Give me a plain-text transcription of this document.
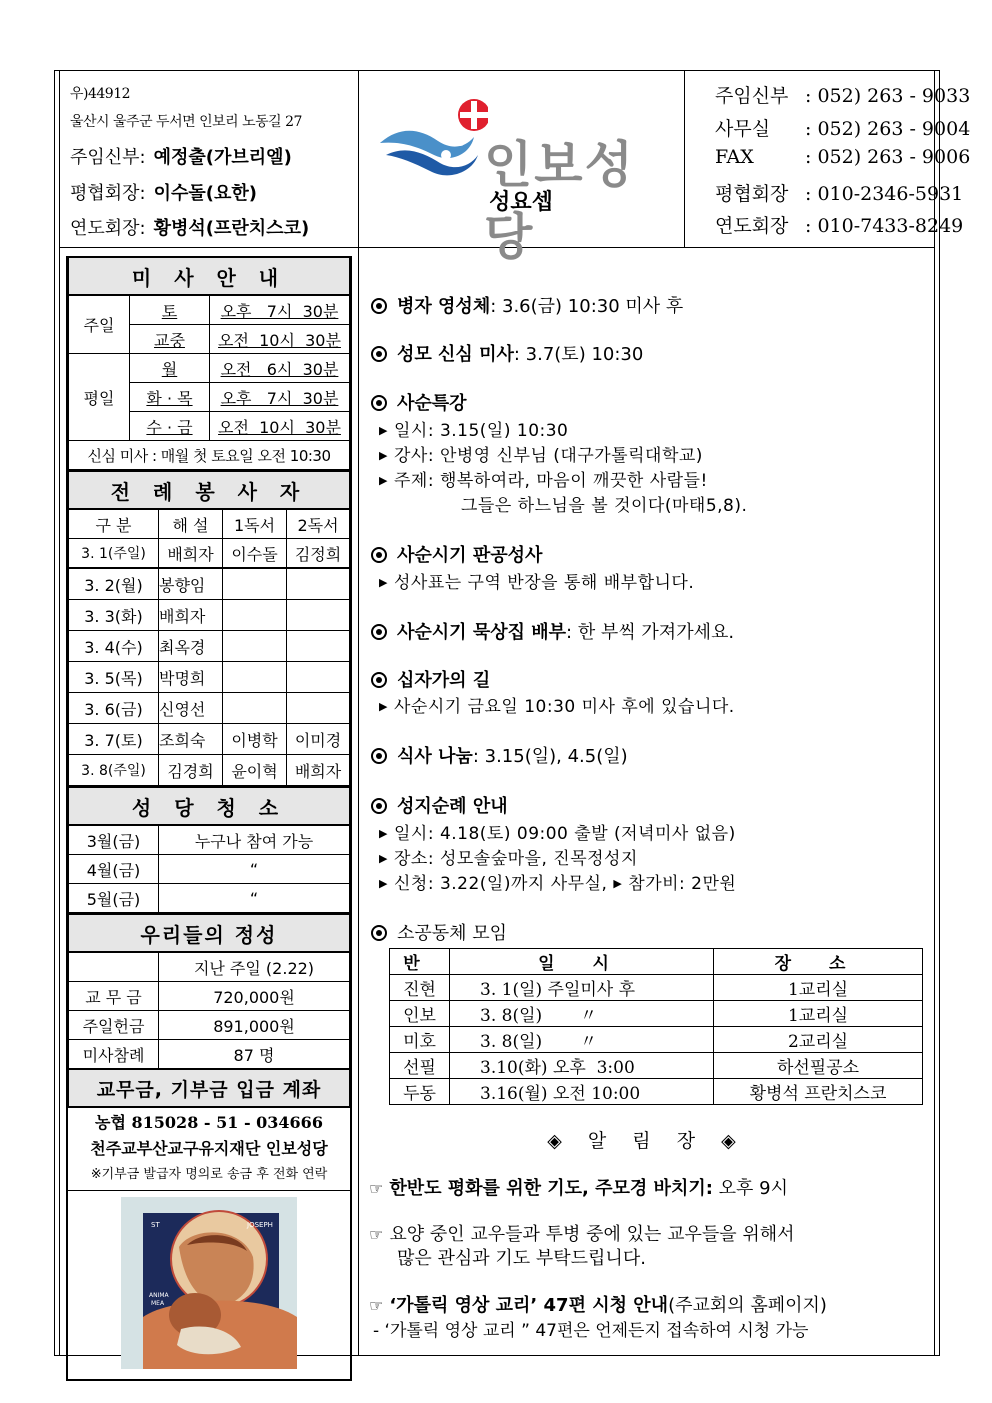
우)44912
울산시 울주군 두서면 인보리 노동길 27
주임신부: 예정출(가브리엘)
평협회장: 이수돌(요한)
연도회장: 황병석(프란치스코)
인보성당
성요셉
주임신부 : 052) 263 - 9033
사무실 : 052) 263 - 9004
FAX	: 052) 263 - 9006
평협회장 : 010-2346-5931
연도회장 : 010-7433-8249
미 사 안 내		
주일	토	오후   7시  30분
	교중	오전  10시  30분
평일	월	오전   6시  30분
	화 · 목	오후   7시  30분
	수 · 금	오전  10시  30분
신심 미사 : 매월 첫 토요일 오전 10:30		
전 례 봉 사 자			
구 분	해 설	1독서	2독서
3. 1(주일)	배희자	이수돌	김정희
3. 2(월)	봉향임		
3. 3(화)	배희자		
3. 4(수)	최옥경		
3. 5(목)	박명희		
3. 6(금)	신영선		
3. 7(토)	조희숙	이병학	이미경
3. 8(주일)	김경희	윤이혁	배희자
성 당 청 소	
3월(금)	누구나 참여 가능
4월(금)	“
5월(금)	“
우리들의 정성	
	지난 주일 (2.22)
교 무 금	720,000원
주일헌금	891,000원
미사참례	87 명
교무금, 기부금 입금 계좌	
농협 815028 - 51 - 034666
천주교부산교구유지재단 인보성당
※기부금 발급자 명의로 송금 후 전화 연락
ST	JOSEPH
ANIMA
MEA
병자 영성체: 3.6(금) 10:30 미사 후
성모 신심 미사: 3.7(토) 10:30
사순특강
▶ 일시: 3.15(일) 10:30
▶ 강사: 안병영 신부님 (대구가톨릭대학교)
▶ 주제: 행복하여라, 마음이 깨끗한 사람들!
그들은 하느님을 볼 것이다(마태5,8).
사순시기 판공성사
▶ 성사표는 구역 반장을 통해 배부합니다.
사순시기 묵상집 배부: 한 부씩 가져가세요.
십자가의 길
▶ 사순시기 금요일 10:30 미사 후에 있습니다.
식사 나눔: 3.15(일), 4.5(일)
성지순례 안내
▶ 일시: 4.18(토) 09:00 출발 (저녁미사 없음)
▶ 장소: 성모솔숲마을, 진목정성지
▶ 신청: 3.22(일)까지 사무실, ▶ 참가비: 2만원
소공동체 모임
반	일 시	장 소
진현	3. 1(일) 주일미사 후	1교리실
인보	3. 8(일)       〃	1교리실
미호	3. 8(일)       〃	2교리실
선필	3.10(화) 오후  3:00	하선필공소
두동	3.16(월) 오전 10:00	황병석 프란치스코
◈ 알 림 장 ◈
☞ 한반도 평화를 위한 기도, 주모경 바치기: 오후 9시
☞ 요양 중인 교우들과 투병 중에 있는 교우들을 위해서
많은 관심과 기도 부탁드립니다.
☞ ‘가톨릭 영상 교리’ 47편 시청 안내(주교회의 홈페이지)
- ‘가톨릭 영상 교리 ” 47편은 언제든지 접속하여 시청 가능
